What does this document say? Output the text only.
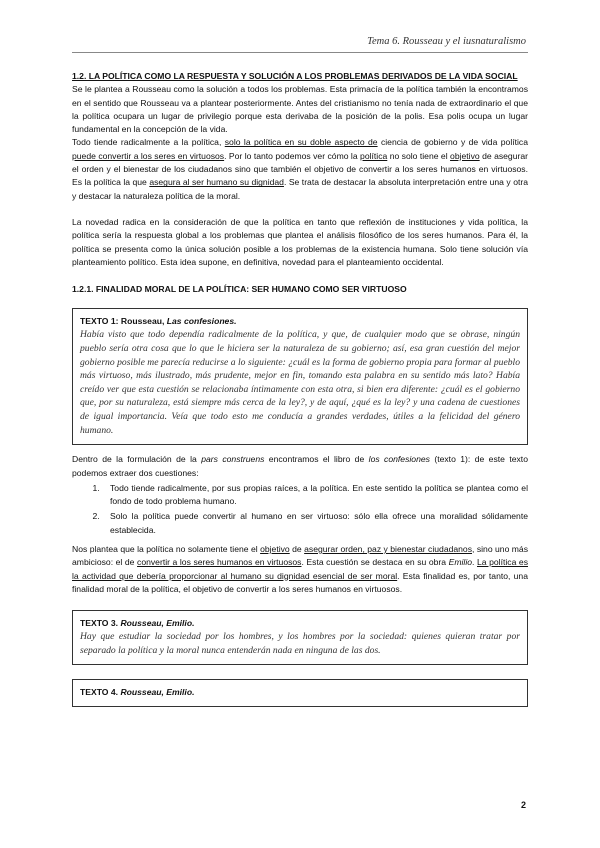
Tema 6. Rousseau y el iusnaturalismo

1.2. LA POLÍTICA COMO LA RESPUESTA Y SOLUCIÓN A LOS PROBLEMAS DERIVADOS DE LA VIDA SOCIAL

Se le plantea a Rousseau como la solución a todos los problemas. Esta primacía de la política también la encontramos en el sentido que Rousseau va a plantear posteriormente. Antes del cristianismo no tenía nada de extraordinario el que la política ocupara un lugar de privilegio porque esta derivaba de la posición de la polis. Esa polis ocupa un lugar fundamental en la concepción de la vida.

Todo tiende radicalmente a la política, solo la política en su doble aspecto de ciencia de gobierno y de vida política puede convertir a los seres en virtuosos. Por lo tanto podemos ver cómo la política no solo tiene el objetivo de asegurar el orden y el bienestar de los ciudadanos sino que también el objetivo de convertir a los seres humanos en virtuosos. Es la política la que asegura al ser humano su dignidad. Se trata de destacar la absoluta interpretación entre una y otra y destacar la naturaleza política de la moral.

La novedad radica en la consideración de que la política en tanto que reflexión de instituciones y vida política, la política sería la respuesta global a los problemas que plantea el análisis filosófico de los seres humanos. Para él, la política se presenta como la única solución posible a los problemas de la existencia humana. Solo tiene solución vía planteamiento político. Esta idea supone, en definitiva, novedad para el planteamiento occidental.

1.2.1. FINALIDAD MORAL DE LA POLÍTICA: SER HUMANO COMO SER VIRTUOSO

TEXTO 1: Rousseau, Las confesiones.
Había visto que todo dependía radicalmente de la política, y que, de cualquier modo que se obrase, ningún pueblo sería otra cosa que lo que le hiciera ser la naturaleza de su gobierno; así, esa gran cuestión del mejor gobierno posible me parecía reducirse a lo siguiente: ¿cuál es la forma de gobierno propia para formar al pueblo más virtuoso, más ilustrado, más prudente, mejor en fin, tomando esta palabra en su sentido más lato? Había creído ver que esta cuestión se relacionaba íntimamente con esta otra, si bien era diferente: ¿cuál es el gobierno que, por su naturaleza, está siempre más cerca de la ley?, y de aquí, ¿qué es la ley? y una cadena de cuestiones de igual importancia. Veía que todo esto me conducía a grandes verdades, útiles a la felicidad del género humano.

Dentro de la formulación de la pars construens encontramos el libro de los confesiones (texto 1): de este texto podemos extraer dos cuestiones:

1. Todo tiende radicalmente, por sus propias raíces, a la política. En este sentido la política se plantea como el fondo de todo problema humano.
2. Solo la política puede convertir al humano en ser virtuoso: sólo ella ofrece una moralidad sólidamente establecida.

Nos plantea que la política no solamente tiene el objetivo de asegurar orden, paz y bienestar ciudadanos, sino uno más ambicioso: el de convertir a los seres humanos en virtuosos. Esta cuestión se destaca en su obra Emilio. La política es la actividad que debería proporcionar al humano su dignidad esencial de ser moral. Esta finalidad es, por tanto, una finalidad moral de la política, el objetivo de convertir a los seres humanos en virtuosos.

TEXTO 3. Rousseau, Emilio.
Hay que estudiar la sociedad por los hombres, y los hombres por la sociedad: quienes quieran tratar por separado la política y la moral nunca entenderán nada en ninguna de las dos.
TEXTO 4. Rousseau, Emilio.
2
